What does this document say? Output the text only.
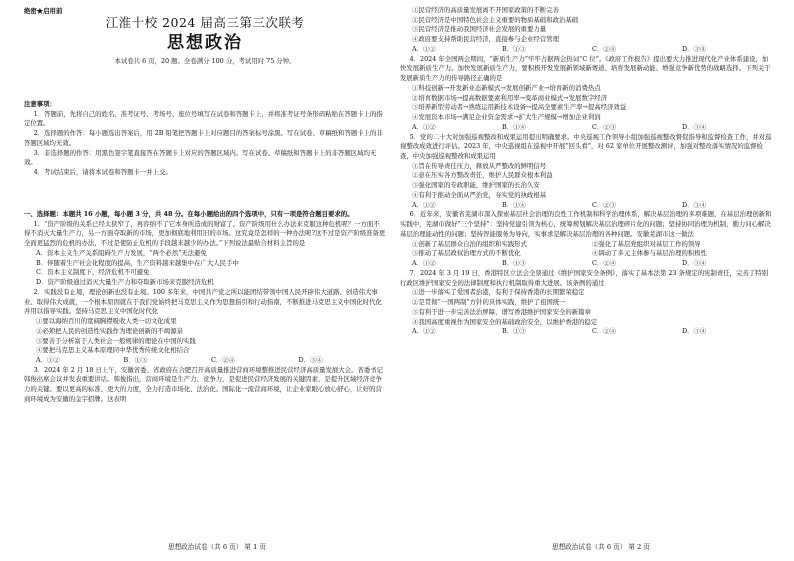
绝密★启用前
江淮十校 2024 届高三第三次联考
思想政治
本试卷共 6 页，20 题。全卷满分 100 分，考试用时 75 分钟。

注意事项：

1．答题前，先将自己的姓名、准考证号、考场号、座位号填写在试卷和答题卡上，并将准考证号条形码粘贴在答题卡上的指定位置。

2．选择题的作答：每小题选出答案后，用 2B 铅笔把答题卡上对应题目的答案标号涂黑。写在试卷、草稿纸和答题卡上的非答题区域均无效。

3．非选择题的作答：用黑色签字笔直接答在答题卡上对应的答题区域内。写在试卷、草稿纸和答题卡上的非答题区域均无效。

4．考试结束后，请将本试卷和答题卡一并上交。

一、选择题：本题共 16 小题，每小题 3 分，共 48 分。在每小题给出的四个选项中，只有一项是符合题目要求的。

1．“资产阶级的关系已经太狭窄了，再容纳不了它本身所造成的财富了。资产阶级用什么办法来克服这种危机呢？一方面不得不消灭大量生产力，另一方面夺取新的市场，更加彻底地利用旧的市场。这究竟是怎样的一种办法呢?这不过是资产阶级准备更全面更猛烈的危机的办法，不过是使防止危机的手段越来越少的办法。”下列说法最贴合材料主旨的是

A．资本主义生产关系阻碍生产力发展，“两个必然”无法避免

B．伴随着生产社会化程度的提高，生产资料越来越集中在广大人民手中

C．资本主义制度下，经济危机不可避免

D．资产阶级通过消灭大量生产力和夺取新市场来克服经济危机

2．实践没有止境，理论创新也没有止境。100 多年来，中国共产党之所以能团结带领中国人民开辟伟大道路、创造伟大事业、取得伟大成就，一个根本原因就在于我们党始终把马克思主义作为思想指引和行动指南，不断推进马克思主义中国化时代化并用以指导实践。坚持马克思主义中国化时代化

①要以海纳百川的宽阔胸襟吸收人类一切文化成果

②必须把人民的创造性实践作为理论创新的不竭源泉

③要善于分析富于人类社会一般规律的理论在中国的实践

④要把马克思主义基本原理同中华优秀传统文化相结合

A．①②	B．①③	C．②④	D．③④

3．2024 年 2 月 18 日上午，安徽省委、省政府在合肥召开高质量推进营商环境整推进民营经济高质量发展大会。省委书记韩俊出席会议并发表重要讲话。韩俊指出，营商环境是生产力、竞争力，是促进民营经济发展的关键因素，是提升区域经济竞争力的关键。要以更高的标准、更大的力度，全力打造市场化、法治化、国际化一流营商环境，让企业家眼心放心舒心，让好的营商环境成为安徽的金字招牌。这表明

思想政治试卷（共 6 页） 第 1 页

①民营经济的高质量发展离不开国家政策的不断完善

②民营经济是中国特色社会主义重要的物质基础和政治基础

③民营经济是推动我国经济社会发展的重要力量

④政府要支持帮助民营经济，直接参与企业经营管理

A．①②	B．①③	C．②④	D．③④

4．2024 年全国两会期间，“新质生产力”牢牢占据两会热词“C 位”。《政府工作报告》提出要大力推进现代化产业体系建设，加快发展新质生产力。加快发展新质生产力，要积极开发发展新领域新赛道、培育发展新动能、增强竞争新优势的战略选择。下列关于发展新质生产力的传导路径正确的是

①科技创新→开发新业态新模式→发展创新产业→培育新的消费热点

②培育数据市场→提高数据要素利用率→变革商业模式→发展数字经济

③培养新型劳动者→熟练运用新技术设备→提高全要素生产率→提高经济效益

④发展资本市场→满足企业资金需求→扩大生产规模→增加企业利润

A．①②	B．①④	C．②③	D．③④

5．党的二十大对加强巡视整改和成果运用提出明确要求。中央巡视工作领导小组加强巡视整改督促指导和监督检查工作，并对巡视整改成效进行评估。2023 年，中央巡视组在巡视中开展“回头看”，对 62 家单位开展整改测评，加强对整改落实情况的监督检查，中央加强巡视整改和成果运用

①旨在传导责任压力，释放从严整改的鲜明信号

②意在压实各方整改责任，维护人民群众根本利益

③强化国家的专政职能，维护国家的长治久安

④有利于推动全面从严治党，夯实党的执政根基

A．①②	B．①④	C．②③	D．③④

6．近年来，安徽省芜湖市深入探索基层社会治理的良性工作机制和科学治理体系，解决基层治理的多项难题，在基层治理创新和实践中，芜湖市做好“三个坚持”：坚持党建引领为核心，统筹规划解决基层治理碎片化的问题；坚持协同治理为机制，勤力问心解决基层治理能动性的问题；坚持智能服务为导向，实事求是解决基层治理的各种问题。安徽芜湖市这一做法

①创新了基层群众自治的组织和实践形式	②强化了基层党组织对基层工作的领导
③推动了基层政权治理方式的不断优化	④调动了多元主体参与基层治理的积极性
A．①②	B．①③	C．②④	D．③④

7．2024 年 3 月 19 日，香港特区立法会全票通过《维护国家安全条例》，落实了基本法第 23 条规定的宪制责任，完善了特别行政区维护国家安全的法律制度和执行机制取得重大进展。该条例的通过

①进一步落实了爱国者治港，有利于保持香港的长期繁荣稳定

②是贯彻“一国两制”方针的具体实践，维护了祖国统一

③有利于进一步完善法治屏障，谱写香港维护国家安全的新篇章

④我国高度重视作为国家安全的基础政治安全，以维护香港的稳定

A．①②	B．①③	C．②④	D．③④
思想政治试卷（共 6 页） 第 2 页
